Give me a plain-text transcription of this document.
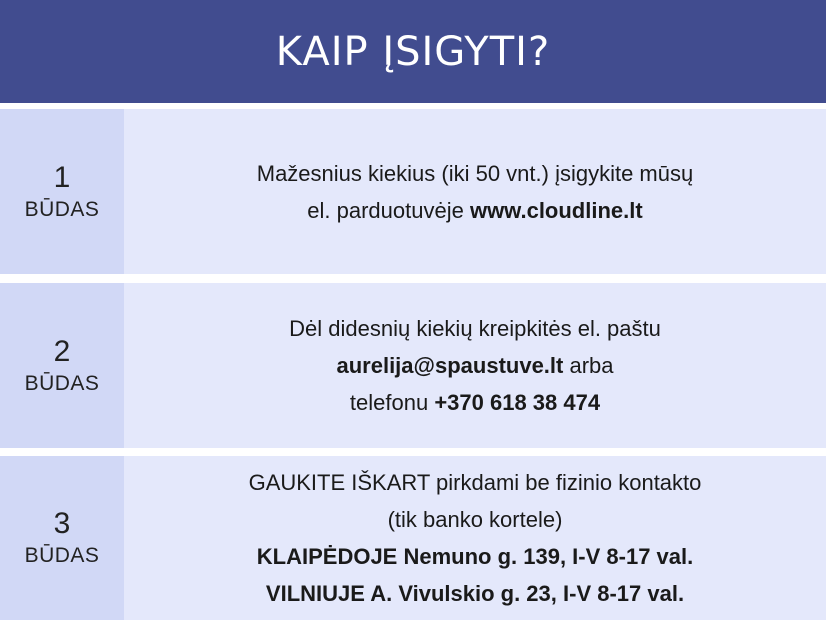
KAIP ĮSIGYTI?
1
BŪDAS
Mažesnius kiekius (iki 50 vnt.) įsigykite mūsų
el. parduotuvėje www.cloudline.lt
2
BŪDAS
Dėl didesnių kiekių kreipkitės el. paštu
aurelija@spaustuve.lt arba
telefonu +370 618 38 474
3
BŪDAS
GAUKITE IŠKART pirkdami be fizinio kontakto
(tik banko kortele)
KLAIPĖDOJE Nemuno g. 139, I-V 8-17 val.
VILNIUJE A. Vivulskio g. 23, I-V 8-17 val.
